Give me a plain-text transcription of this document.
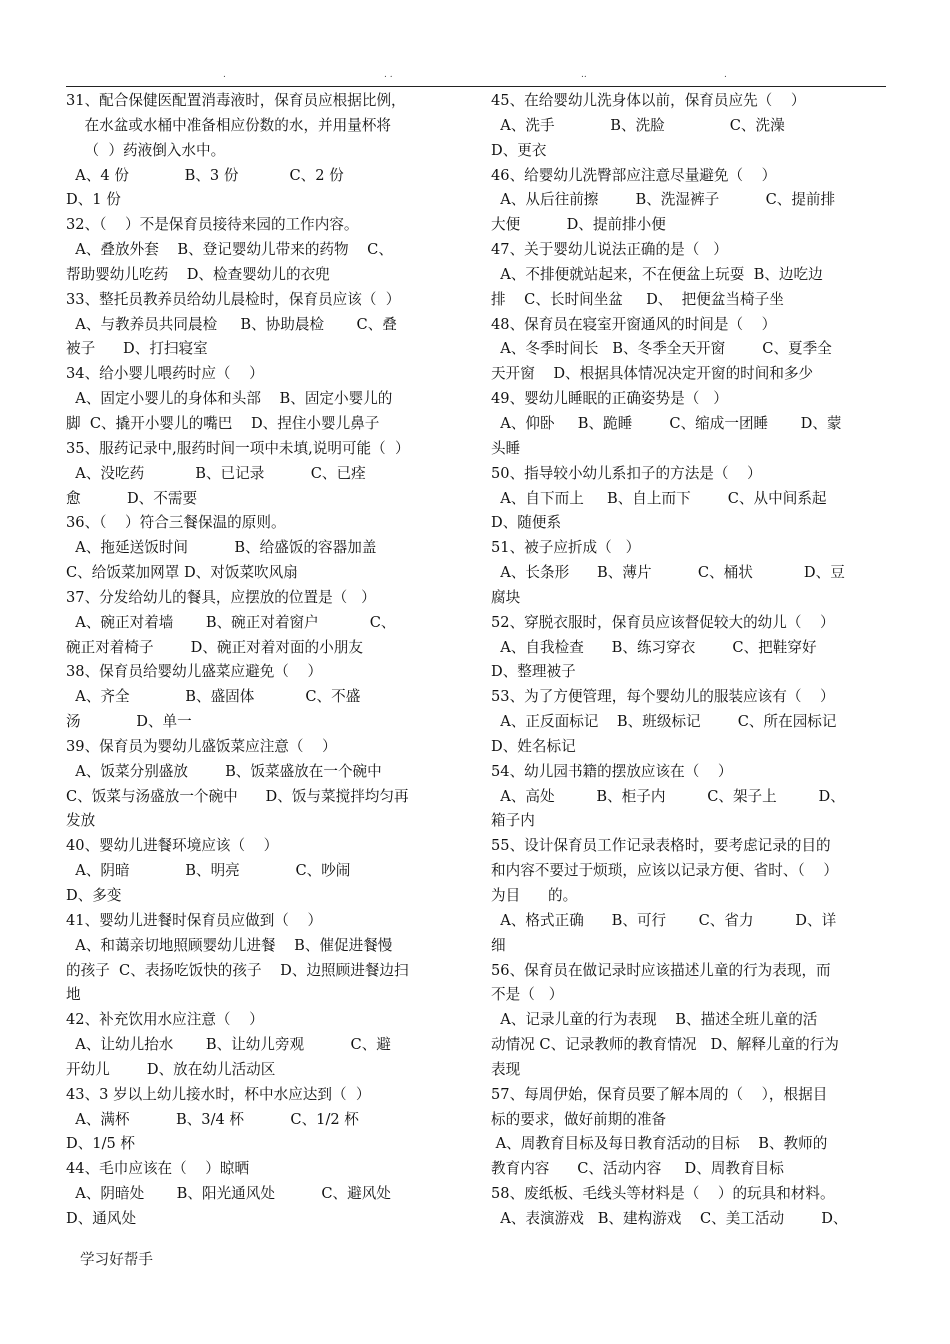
.	. .	..	.
31、配合保健医配置消毒液时，保育员应根据比例，
在水盆或水桶中准备相应份数的水，并用量杯将
（  ）药液倒入水中。
A、4 份            B、3 份           C、2 份
D、1 份
32、（    ）不是保育员接待来园的工作内容。
A、叠放外套    B、登记婴幼儿带来的药物    C、
帮助婴幼儿吃药    D、检查婴幼儿的衣兜
33、整托员教养员给幼儿晨检时，保育员应该（  ）
A、与教养员共同晨检     B、协助晨检       C、叠
被子      D、打扫寝室
34、给小婴儿喂药时应（    ）
A、固定小婴儿的身体和头部    B、固定小婴儿的
脚  C、撬开小婴儿的嘴巴    D、捏住小婴儿鼻子
35、服药记录中,服药时间一项中未填,说明可能（  ）
A、没吃药           B、已记录          C、已痊
愈          D、不需要
36、（    ）符合三餐保温的原则。
A、拖延送饭时间          B、给盛饭的容器加盖
C、给饭菜加网罩 D、对饭菜吹风扇
37、分发给幼儿的餐具，应摆放的位置是（   ）
A、碗正对着墙       B、碗正对着窗户           C、
碗正对着椅子        D、碗正对着对面的小朋友
38、保育员给婴幼儿盛菜应避免（    ）
A、齐全            B、盛固体           C、不盛
汤            D、单一
39、保育员为婴幼儿盛饭菜应注意（    ）
A、饭菜分别盛放        B、饭菜盛放在一个碗中
C、饭菜与汤盛放一个碗中      D、饭与菜搅拌均匀再
发放
40、婴幼儿进餐环境应该（    ）
A、阴暗            B、明亮            C、吵闹
D、多变
41、婴幼儿进餐时保育员应做到（    ）
A、和蔼亲切地照顾婴幼儿进餐    B、催促进餐慢
的孩子  C、表扬吃饭快的孩子    D、边照顾进餐边扫
地
42、补充饮用水应注意（    ）
A、让幼儿抬水       B、让幼儿旁观          C、避
开幼儿        D、放在幼儿活动区
43、3 岁以上幼儿接水时，杯中水应达到（  ）
A、满杯          B、3/4 杯          C、1/2 杯
D、1/5 杯
44、毛巾应该在（    ）晾晒
A、阴暗处       B、阳光通风处          C、避风处
D、通风处
45、在给婴幼儿洗身体以前，保育员应先（    ）
A、洗手            B、洗脸              C、洗澡
D、更衣
46、给婴幼儿洗臀部应注意尽量避免（    ）
A、从后往前擦        B、洗湿裤子          C、提前排
大便          D、提前排小便
47、关于婴幼儿说法正确的是（   ）
A、不排便就站起来，不在便盆上玩耍  B、边吃边
排    C、长时间坐盆     D、  把便盆当椅子坐
48、保育员在寝室开窗通风的时间是（    ）
A、冬季时间长   B、冬季全天开窗        C、夏季全
天开窗    D、根据具体情况决定开窗的时间和多少
49、婴幼儿睡眠的正确姿势是（   ）
A、仰卧     B、跪睡        C、缩成一团睡       D、蒙
头睡
50、指导较小幼儿系扣子的方法是（    ）
A、自下而上     B、自上而下        C、从中间系起
D、随便系
51、被子应折成（   ）
A、长条形      B、薄片          C、桶状           D、豆
腐块
52、穿脱衣服时，保育员应该督促较大的幼儿（    ）
A、自我检查      B、练习穿衣        C、把鞋穿好
D、整理被子
53、为了方便管理，每个婴幼儿的服装应该有（    ）
A、正反面标记    B、班级标记        C、所在园标记
D、姓名标记
54、幼儿园书籍的摆放应该在（    ）
A、高处         B、柜子内         C、架子上         D、
箱子内
55、设计保育员工作记录表格时，要考虑记录的目的
和内容不要过于烦琐，应该以记录方便、省时、（    ）
为目      的。
A、格式正确      B、可行       C、省力         D、详
细
56、保育员在做记录时应该描述儿童的行为表现，而
不是（   ）
A、记录儿童的行为表现    B、描述全班儿童的活
动情况 C、记录教师的教育情况   D、解释儿童的行为
表现
57、每周伊始，保育员要了解本周的（    ），根据目
标的要求，做好前期的准备
A、周教育目标及每日教育活动的目标    B、教师的
教育内容      C、活动内容     D、周教育目标
58、废纸板、毛线头等材料是（    ）的玩具和材料。
A、表演游戏   B、建构游戏    C、美工活动        D、
学习好帮手
